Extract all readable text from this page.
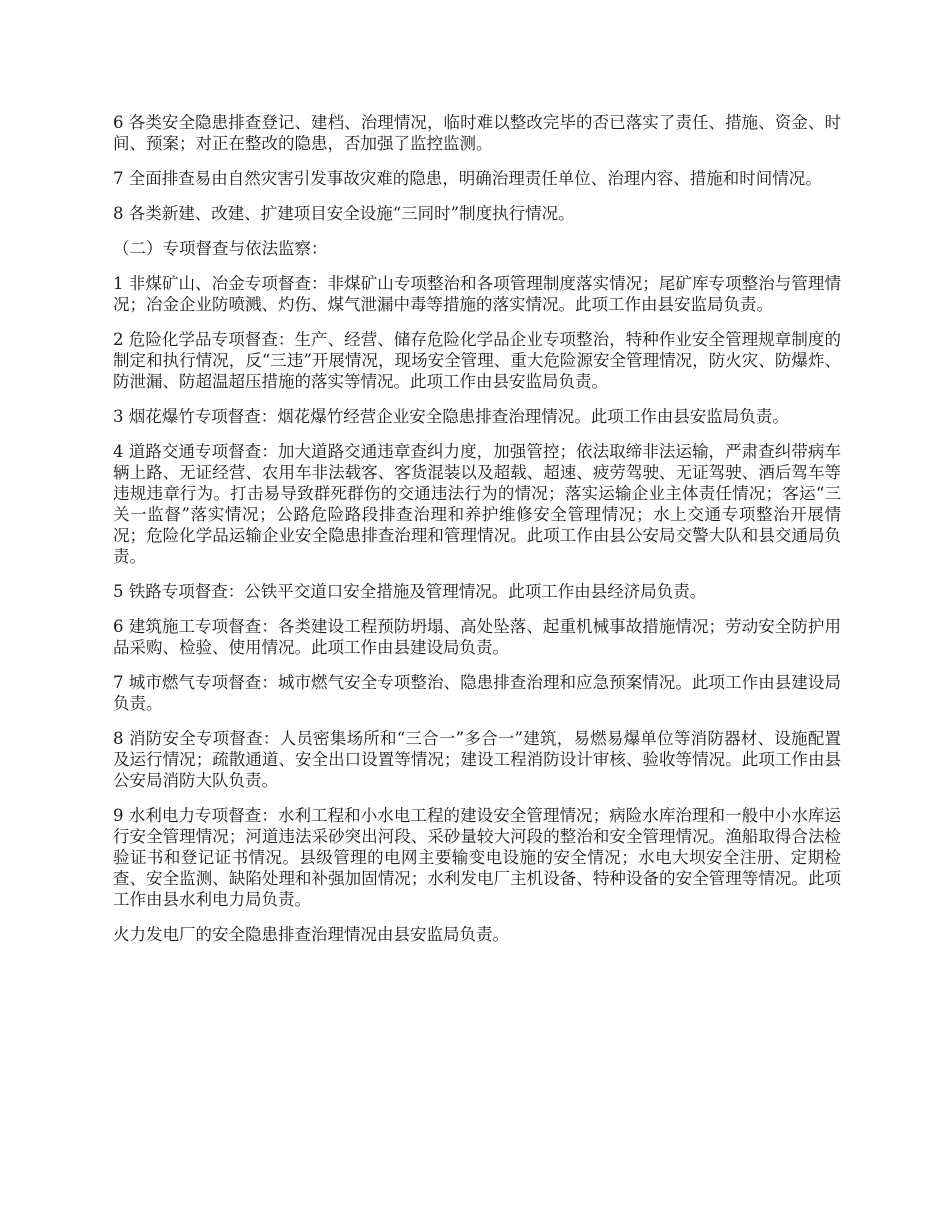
6 各类安全隐患排查登记、建档、治理情况，临时难以整改完毕的否已落实了责任、措施、资金、时间、预案；对正在整改的隐患，否加强了监控监测。

7 全面排查易由自然灾害引发事故灾难的隐患，明确治理责任单位、治理内容、措施和时间情况。

8 各类新建、改建、扩建项目安全设施“三同时”制度执行情况。

（二）专项督查与依法监察：

1 非煤矿山、冶金专项督查：非煤矿山专项整治和各项管理制度落实情况；尾矿库专项整治与管理情况；冶金企业防喷溅、灼伤、煤气泄漏中毒等措施的落实情况。此项工作由县安监局负责。

2 危险化学品专项督查：生产、经营、储存危险化学品企业专项整治，特种作业安全管理规章制度的制定和执行情况，反“三违”开展情况，现场安全管理、重大危险源安全管理情况，防火灾、防爆炸、防泄漏、防超温超压措施的落实等情况。此项工作由县安监局负责。

3 烟花爆竹专项督查：烟花爆竹经营企业安全隐患排查治理情况。此项工作由县安监局负责。

4 道路交通专项督查：加大道路交通违章查纠力度，加强管控；依法取缔非法运输，严肃查纠带病车辆上路、无证经营、农用车非法载客、客货混装以及超载、超速、疲劳驾驶、无证驾驶、酒后驾车等违规违章行为。打击易导致群死群伤的交通违法行为的情况；落实运输企业主体责任情况；客运“三关一监督”落实情况；公路危险路段排查治理和养护维修安全管理情况；水上交通专项整治开展情况；危险化学品运输企业安全隐患排查治理和管理情况。此项工作由县公安局交警大队和县交通局负责。

5 铁路专项督查：公铁平交道口安全措施及管理情况。此项工作由县经济局负责。

6 建筑施工专项督查：各类建设工程预防坍塌、高处坠落、起重机械事故措施情况；劳动安全防护用品采购、检验、使用情况。此项工作由县建设局负责。

7 城市燃气专项督查：城市燃气安全专项整治、隐患排查治理和应急预案情况。此项工作由县建设局负责。

8 消防安全专项督查：人员密集场所和“三合一”多合一”建筑，易燃易爆单位等消防器材、设施配置及运行情况；疏散通道、安全出口设置等情况；建设工程消防设计审核、验收等情况。此项工作由县公安局消防大队负责。

9 水利电力专项督查：水利工程和小水电工程的建设安全管理情况；病险水库治理和一般中小水库运行安全管理情况；河道违法采砂突出河段、采砂量较大河段的整治和安全管理情况。渔船取得合法检验证书和登记证书情况。县级管理的电网主要输变电设施的安全情况；水电大坝安全注册、定期检查、安全监测、缺陷处理和补强加固情况；水利发电厂主机设备、特种设备的安全管理等情况。此项工作由县水利电力局负责。

火力发电厂的安全隐患排查治理情况由县安监局负责。
